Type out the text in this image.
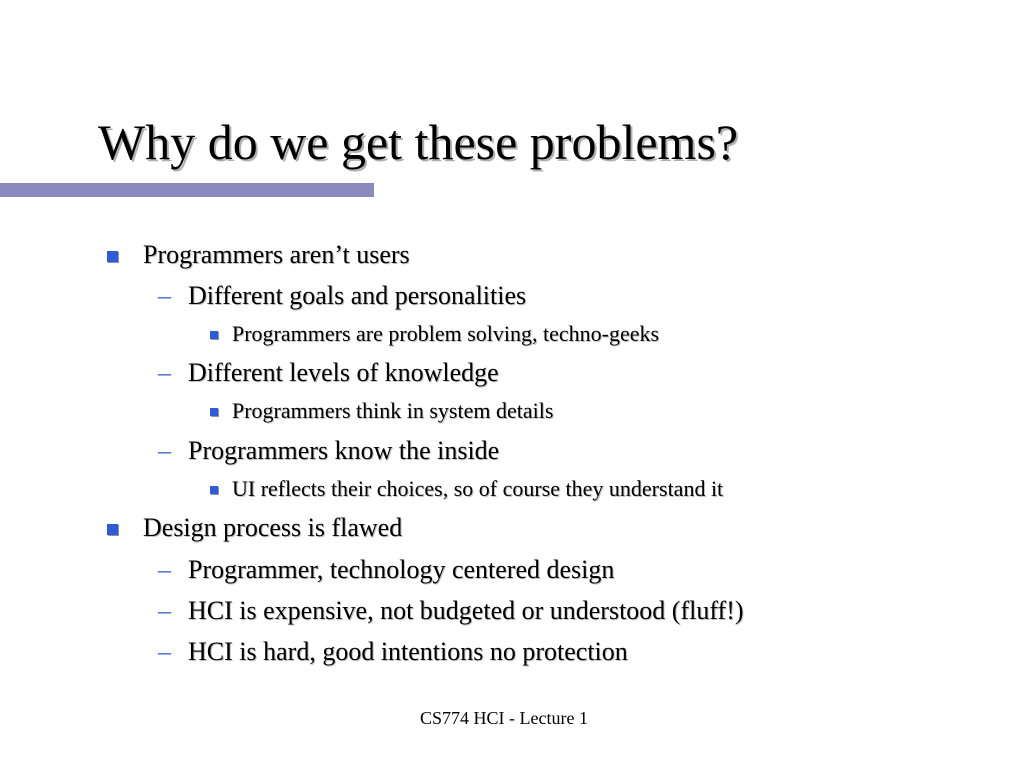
Why do we get these problems?
Programmers aren’t users
– Different goals and personalities
Programmers are problem solving, techno-geeks
– Different levels of knowledge
Programmers think in system details
– Programmers know the inside
UI reflects their choices, so of course they understand it
Design process is flawed
– Programmer, technology centered design
– HCI is expensive, not budgeted or understood (fluff!)
– HCI is hard, good intentions no protection
CS774 HCI - Lecture 1
